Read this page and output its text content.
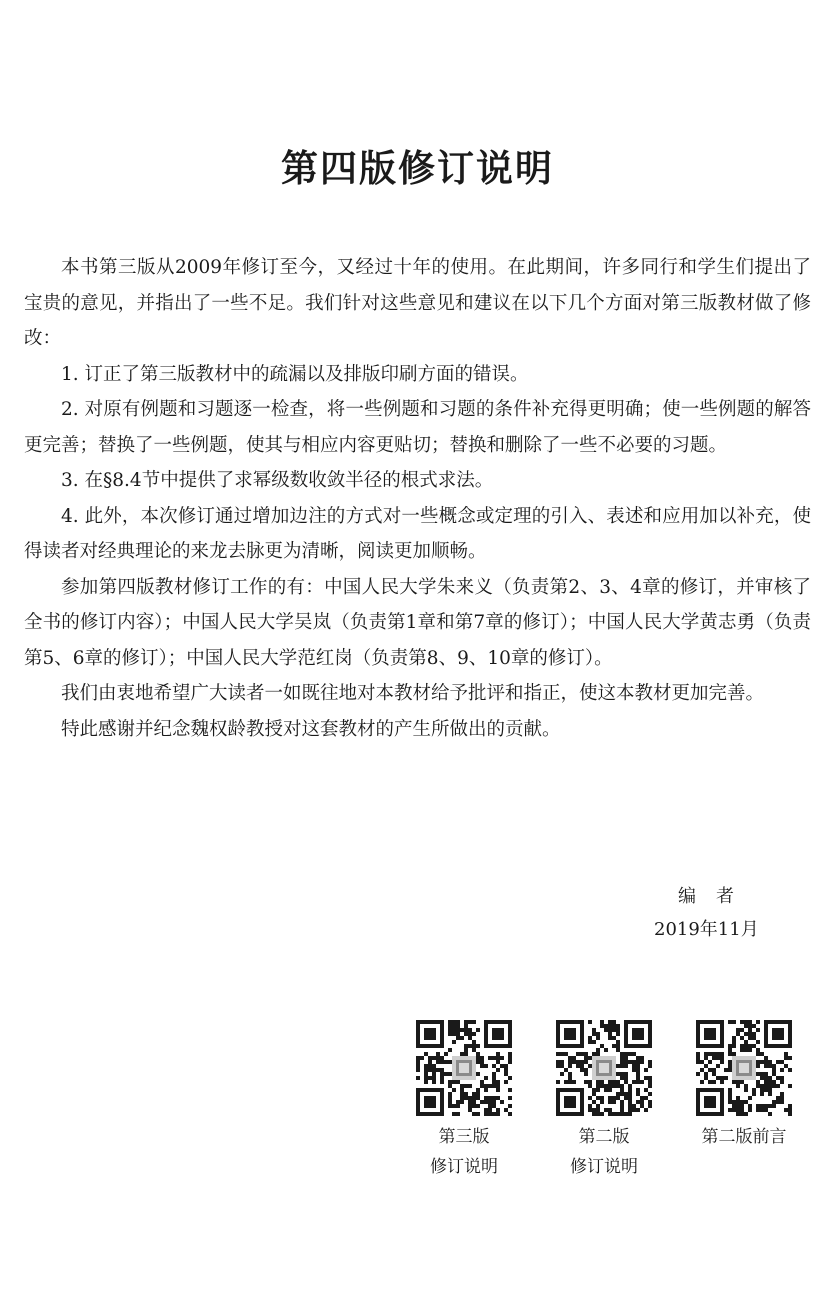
第四版修订说明

本书第三版从2009年修订至今，又经过十年的使用。在此期间，许多同行和学生们提出了宝贵的意见，并指出了一些不足。我们针对这些意见和建议在以下几个方面对第三版教材做了修改：

1. 订正了第三版教材中的疏漏以及排版印刷方面的错误。

2. 对原有例题和习题逐一检查，将一些例题和习题的条件补充得更明确；使一些例题的解答更完善；替换了一些例题，使其与相应内容更贴切；替换和删除了一些不必要的习题。

3. 在§8.4节中提供了求幂级数收敛半径的根式求法。

4. 此外，本次修订通过增加边注的方式对一些概念或定理的引入、表述和应用加以补充，使得读者对经典理论的来龙去脉更为清晰，阅读更加顺畅。

参加第四版教材修订工作的有：中国人民大学朱来义（负责第2、3、4章的修订，并审核了全书的修订内容）；中国人民大学吴岚（负责第1章和第7章的修订）；中国人民大学黄志勇（负责第5、6章的修订）；中国人民大学范红岗（负责第8、9、10章的修订）。

我们由衷地希望广大读者一如既往地对本教材给予批评和指正，使这本教材更加完善。

特此感谢并纪念魏权龄教授对这套教材的产生所做出的贡献。

编者
2019年11月
第三版
修订说明
第二版
修订说明
第二版前言
